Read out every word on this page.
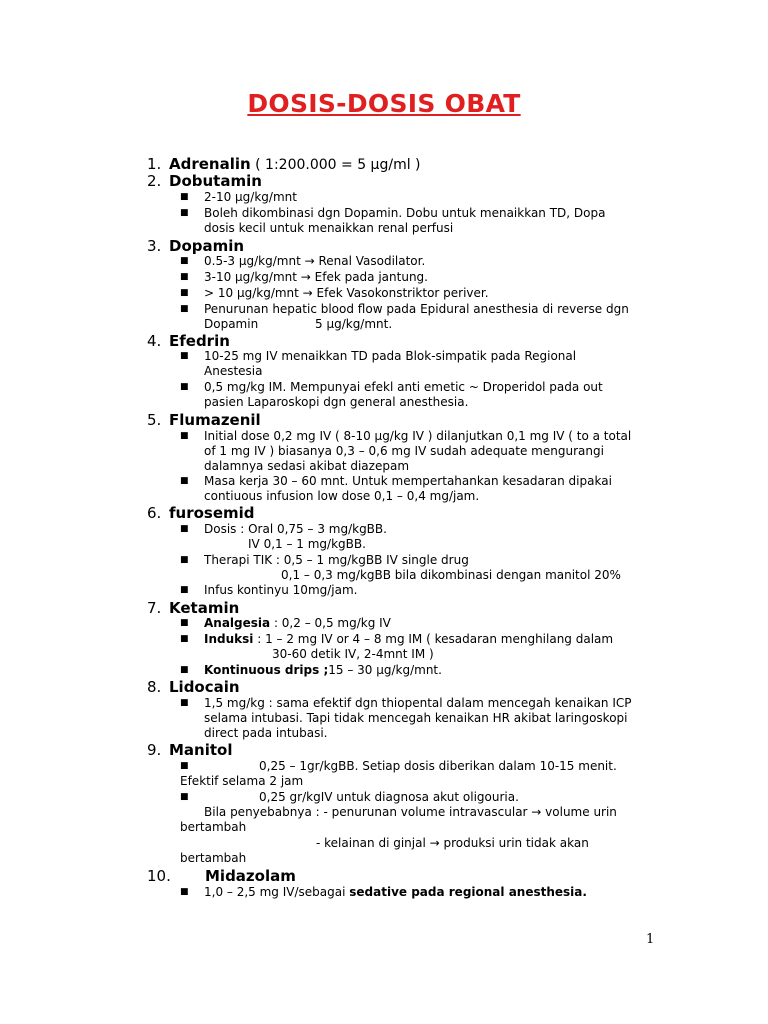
DOSIS-DOSIS OBAT
1. Adrenalin ( 1:200.000 = 5 µg/ml )
2. Dobutamin
■ 2-10 µg/kg/mnt
■ Boleh dikombinasi dgn Dopamin. Dobu untuk menaikkan TD, Dopa
dosis kecil untuk menaikkan renal perfusi
3. Dopamin
■ 0.5-3 µg/kg/mnt → Renal Vasodilator.
■ 3-10 µg/kg/mnt → Efek pada jantung.
■ > 10 µg/kg/mnt → Efek Vasokonstriktor periver.
■ Penurunan hepatic blood flow pada Epidural anesthesia di reverse dgn
Dopamin	5 µg/kg/mnt.
4. Efedrin
■ 10-25 mg IV menaikkan TD pada Blok-simpatik pada Regional
Anestesia
■ 0,5 mg/kg IM. Mempunyai efekl anti emetic ~ Droperidol pada out
pasien Laparoskopi dgn general anesthesia.
5. Flumazenil
■ Initial dose 0,2 mg IV ( 8-10 µg/kg IV ) dilanjutkan 0,1 mg IV ( to a total
of 1 mg IV ) biasanya 0,3 – 0,6 mg IV sudah adequate mengurangi
dalamnya sedasi akibat diazepam
■ Masa kerja 30 – 60 mnt. Untuk mempertahankan kesadaran dipakai
contiuous infusion low dose 0,1 – 0,4 mg/jam.
6. furosemid
■ Dosis : Oral 0,75 – 3 mg/kgBB.
IV 0,1 – 1 mg/kgBB.
■ Therapi TIK : 0,5 – 1 mg/kgBB IV single drug
0,1 – 0,3 mg/kgBB bila dikombinasi dengan manitol 20%
■ Infus kontinyu 10mg/jam.
7. Ketamin
■ Analgesia : 0,2 – 0,5 mg/kg IV
■ Induksi : 1 – 2 mg IV or 4 – 8 mg IM ( kesadaran menghilang dalam
30-60 detik IV, 2-4mnt IM )
■ Kontinuous drips ;15 – 30 µg/kg/mnt.
8. Lidocain
■ 1,5 mg/kg : sama efektif dgn thiopental dalam mencegah kenaikan ICP
selama intubasi. Tapi tidak mencegah kenaikan HR akibat laringoskopi
direct pada intubasi.
9. Manitol
■	0,25 – 1gr/kgBB. Setiap dosis diberikan dalam 10-15 menit.
Efektif selama 2 jam
■	0,25 gr/kgIV untuk diagnosa akut oligouria.
Bila penyebabnya : - penurunan volume intravascular → volume urin
bertambah
- kelainan di ginjal → produksi urin tidak akan
bertambah
10. Midazolam
■ 1,0 – 2,5 mg IV/sebagai sedative pada regional anesthesia.
1
